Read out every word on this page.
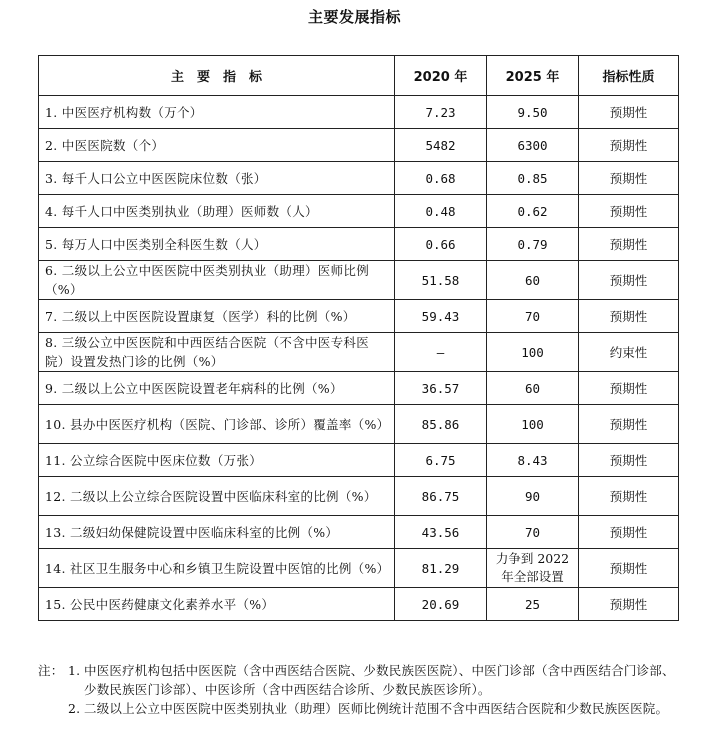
主要发展指标
主　要　指　标	2020 年	2025 年	指标性质
1. 中医医疗机构数（万个）	7.23	9.50	预期性
2. 中医医院数（个）	5482	6300	预期性
3. 每千人口公立中医医院床位数（张）	0.68	0.85	预期性
4. 每千人口中医类别执业（助理）医师数（人）	0.48	0.62	预期性
5. 每万人口中医类别全科医生数（人）	0.66	0.79	预期性
6. 二级以上公立中医医院中医类别执业（助理）医师比例（%）	51.58	60	预期性
7. 二级以上中医医院设置康复（医学）科的比例（%）	59.43	70	预期性
8. 三级公立中医医院和中西医结合医院（不含中医专科医院）设置发热门诊的比例（%）	—	100	约束性
9. 二级以上公立中医医院设置老年病科的比例（%）	36.57	60	预期性
10. 县办中医医疗机构（医院、门诊部、诊所）覆盖率（%）	85.86	100	预期性
11. 公立综合医院中医床位数（万张）	6.75	8.43	预期性
12. 二级以上公立综合医院设置中医临床科室的比例（%）	86.75	90	预期性
13. 二级妇幼保健院设置中医临床科室的比例（%）	43.56	70	预期性
14. 社区卫生服务中心和乡镇卫生院设置中医馆的比例（%）	81.29	力争到 2022 年全部设置	预期性
15. 公民中医药健康文化素养水平（%）	20.69	25	预期性
注： 1. 中医医疗机构包括中医医院（含中西医结合医院、少数民族医医院）、中医门诊部（含中西医结合门诊部、少数民族医门诊部）、中医诊所（含中西医结合诊所、少数民族医诊所）。
2. 二级以上公立中医医院中医类别执业（助理）医师比例统计范围不含中西医结合医院和少数民族医医院。
